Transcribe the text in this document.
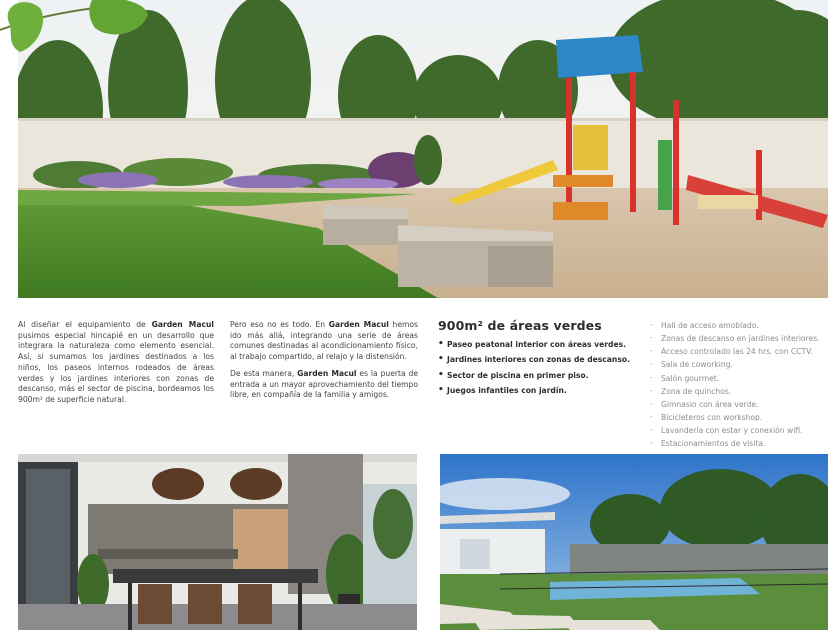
Al diseñar el equipamiento de Garden Macul pusimos especial hincapié en un desarrollo que integrara la naturaleza como elemento esencial. Así, si sumamos los jardines destinados a los niños, los paseos internos rodeados de áreas verdes y los jardines interiores con zonas de descanso, más el sector de piscina, bordeamos los 900m² de superficie natural.

Pero eso no es todo. En Garden Macul hemos ido más allá, integrando una serie de áreas comunes destinadas al acondicionamiento físico, al trabajo compartido, al relajo y la distensión.

De esta manera, Garden Macul es la puerta de entrada a un mayor aprovechamiento del tiempo libre, en compañía de la familia y amigos.

900m² de áreas verdes
• Paseo peatonal interior con áreas verdes.
• Jardines interiores con zonas de descanso.
• Sector de piscina en primer piso.
• Juegos infantiles con jardín.
- Hall de acceso amoblado.
- Zonas de descanso en jardines interiores.
- Acceso controlado las 24 hrs. con CCTV.
- Sala de coworking.
- Salón gourmet.
- Zona de quinchos.
- Gimnasio con área verde.
- Bicicleteros con workshop.
- Lavandería con estar y conexión wifi.
- Estacionamientos de visita.
